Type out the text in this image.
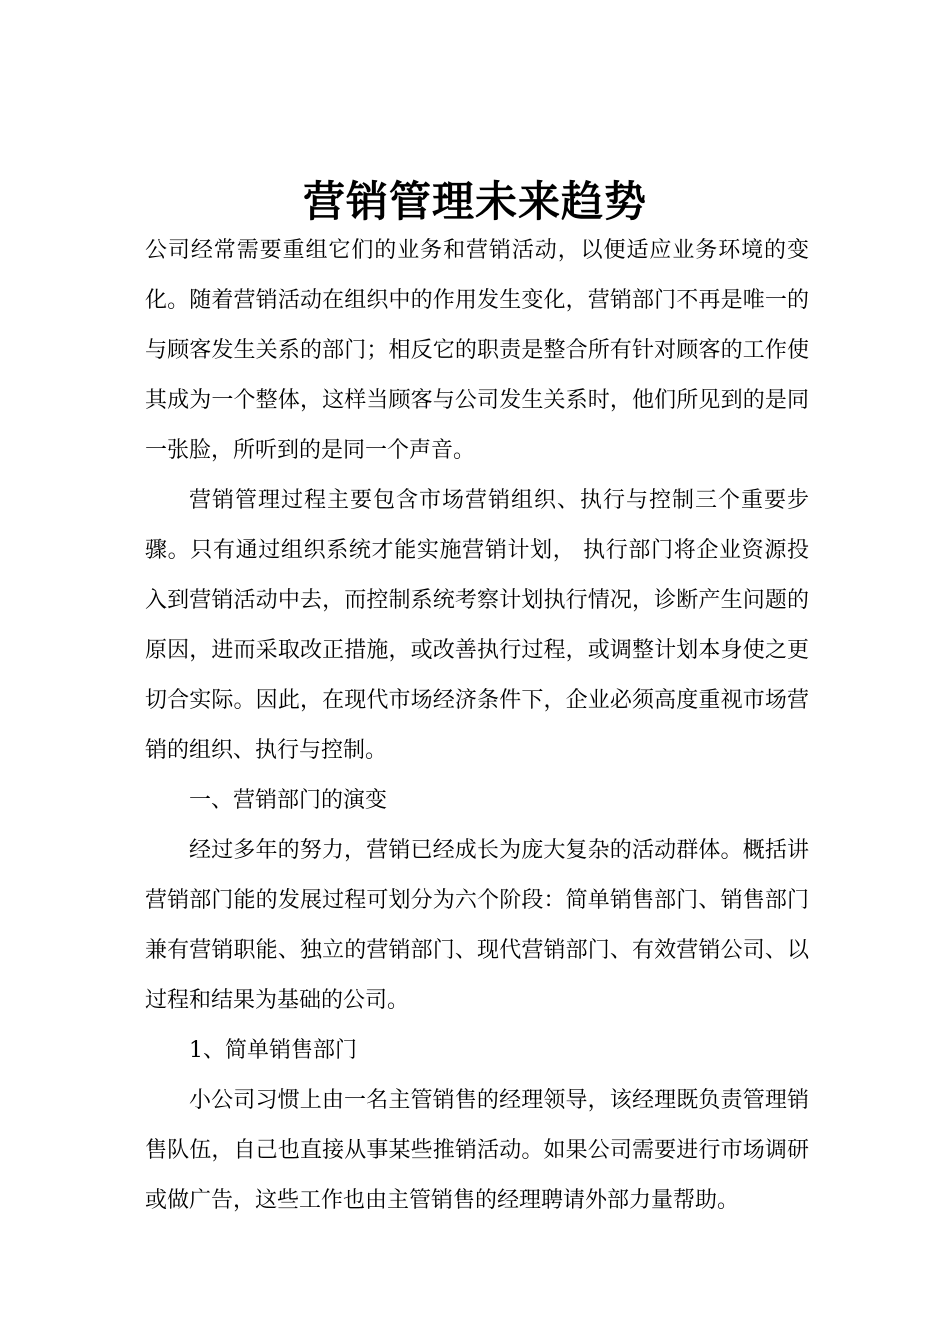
营销管理未来趋势

公司经常需要重组它们的业务和营销活动，以便适应业务环境的变化。随着营销活动在组织中的作用发生变化，营销部门不再是唯一的与顾客发生关系的部门；相反它的职责是整合所有针对顾客的工作使其成为一个整体，这样当顾客与公司发生关系时，他们所见到的是同一张脸，所听到的是同一个声音。

营销管理过程主要包含市场营销组织、执行与控制三个重要步骤。只有通过组织系统才能实施营销计划， 执行部门将企业资源投入到营销活动中去，而控制系统考察计划执行情况，诊断产生问题的原因，进而采取改正措施，或改善执行过程，或调整计划本身使之更切合实际。因此，在现代市场经济条件下，企业必须高度重视市场营销的组织、执行与控制。

一、营销部门的演变

经过多年的努力，营销已经成长为庞大复杂的活动群体。概括讲营销部门能的发展过程可划分为六个阶段：简单销售部门、销售部门兼有营销职能、独立的营销部门、现代营销部门、有效营销公司、以过程和结果为基础的公司。

1、简单销售部门

小公司习惯上由一名主管销售的经理领导，该经理既负责管理销售队伍，自己也直接从事某些推销活动。如果公司需要进行市场调研或做广告，这些工作也由主管销售的经理聘请外部力量帮助。
